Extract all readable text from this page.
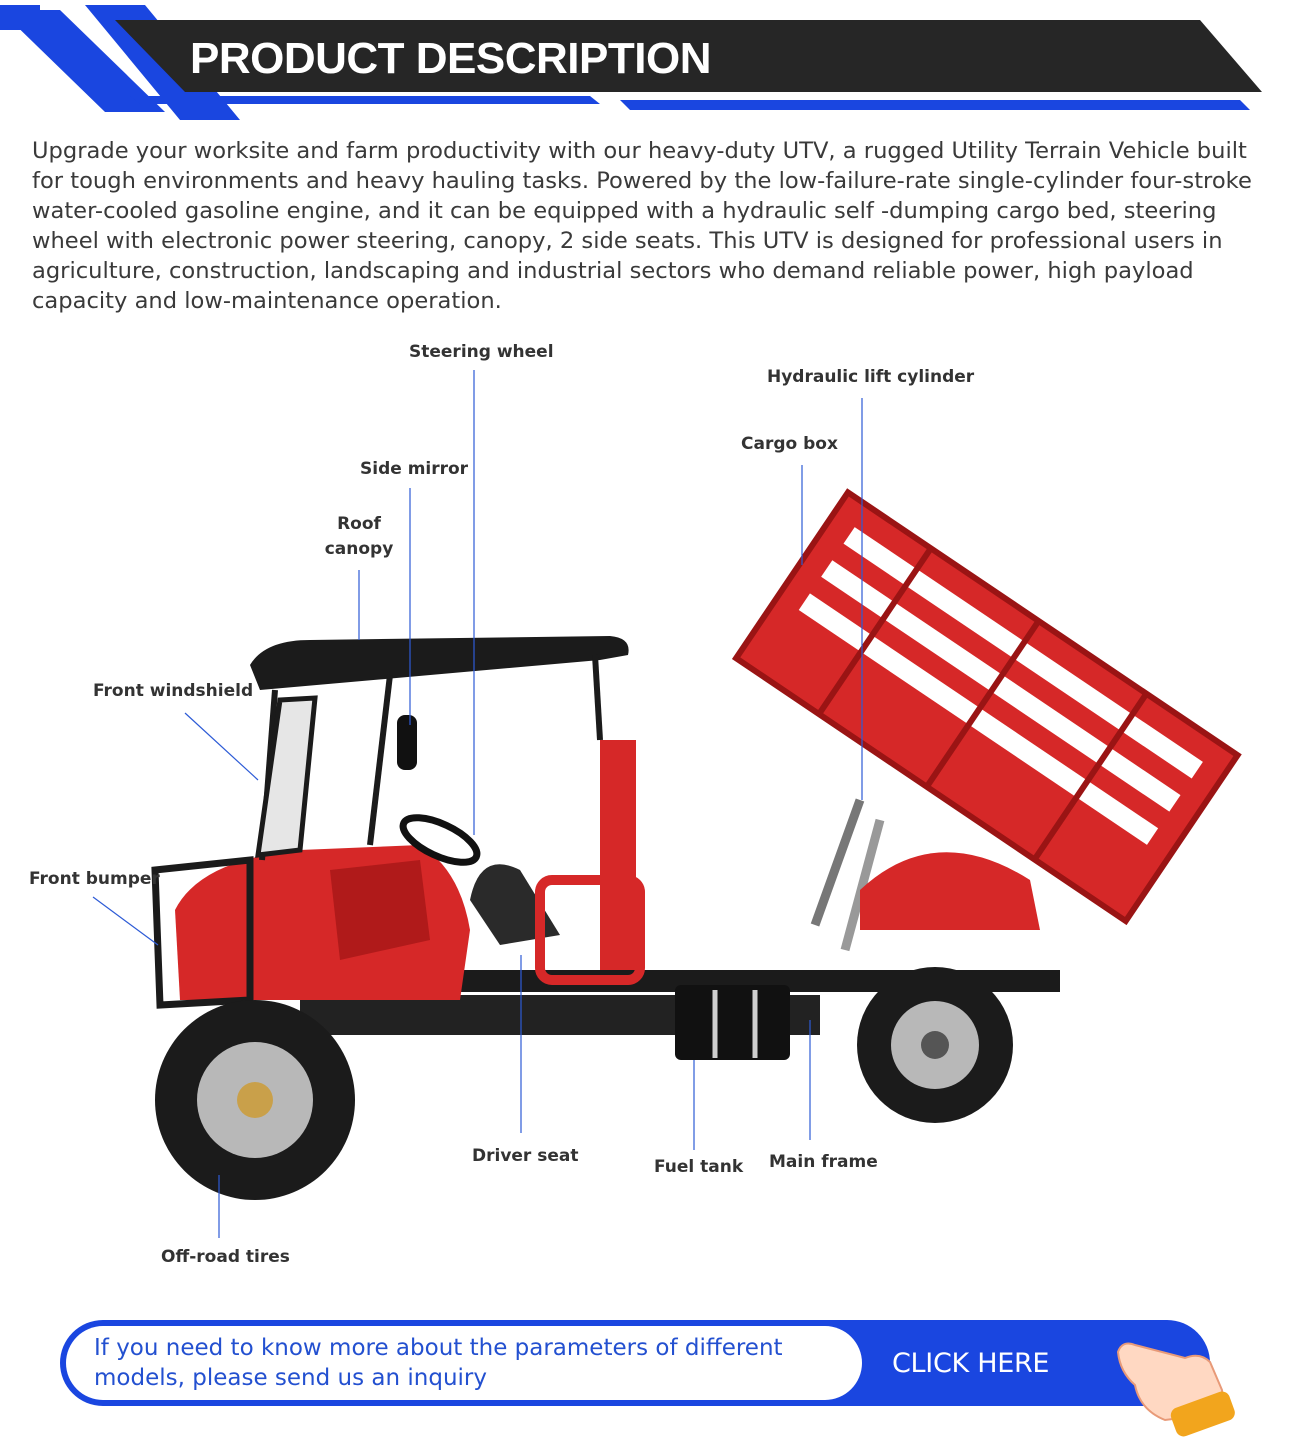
PRODUCT DESCRIPTION

Upgrade your worksite and farm productivity with our heavy-duty UTV, a rugged Utility Terrain Vehicle built for tough environments and heavy hauling tasks. Powered by the low-failure-rate single-cylinder four-stroke water-cooled gasoline engine, and it can be equipped with a hydraulic self -dumping cargo bed, steering wheel with electronic power steering, canopy, 2 side seats. This UTV is designed for professional users in agriculture, construction, landscaping and industrial sectors who demand reliable power, high payload capacity and low-maintenance operation.

Steering wheel
Hydraulic lift cylinder
Cargo box
Side mirror
Roof
canopy
Front windshield
Front bumper
Driver seat
Fuel tank Main frame
Off-road tires

If you need to know more about the parameters of different
models, please send us an inquiry	CLICK HERE
